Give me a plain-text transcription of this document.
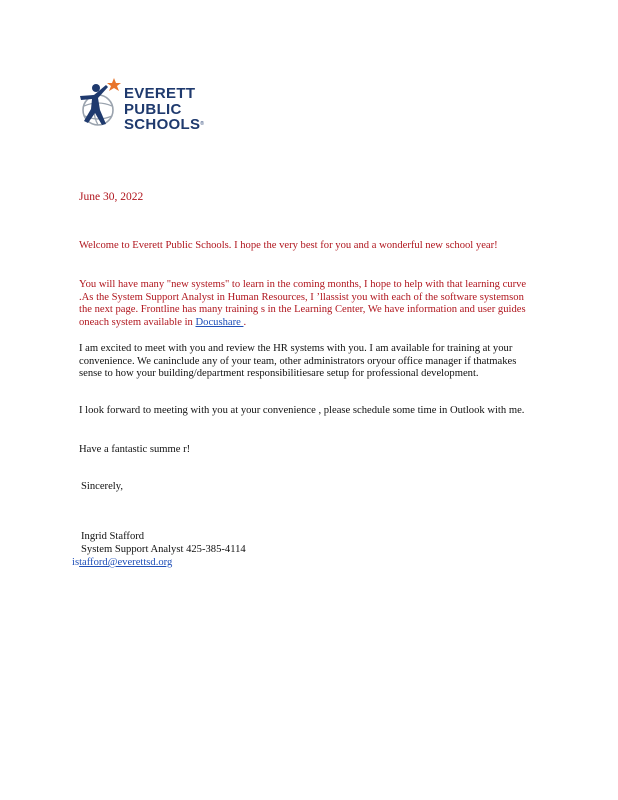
EVERETT
PUBLIC
SCHOOLS®
June 30, 2022

Welcome to Everett Public Schools. I hope the very best for you and a wonderful new school year!

You will have many "new systems" to learn in the coming months, I hope to help with that learning curve .As the System Support Analyst in Human Resources, I ’llassist you with each of the software systemson the next page. Frontline has many training s in the Learning Center, We have information and user guides oneach system available in Docushare .

I am excited to meet with you and review the HR systems with you. I am available for training at your convenience. We caninclude any of your team, other administrators oryour office manager if thatmakes sense to how your building/department responsibilitiesare setup for professional development.

I look forward to meeting with you at your convenience , please schedule some time in Outlook with me.

Have a fantastic summe r!

Sincerely,

Ingrid Stafford
System Support Analyst 425-385-4114
istafford@everettsd.org
